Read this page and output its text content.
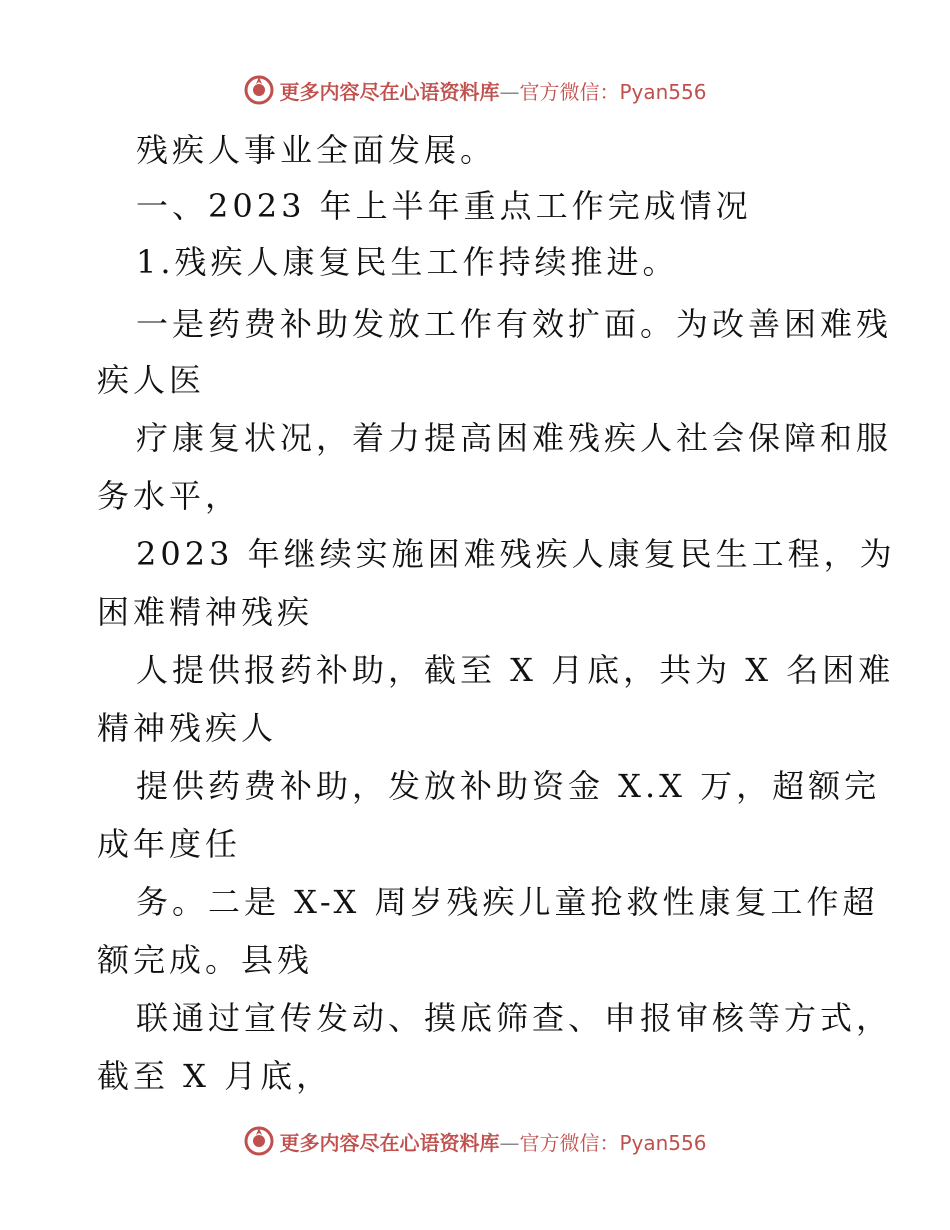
更多内容尽在心语资料库—官方微信：Pyan556
残疾人事业全面发展。
一、2023 年上半年重点工作完成情况
1.残疾人康复民生工作持续推进。
一是药费补助发放工作有效扩面。为改善困难残
疾人医
疗康复状况，着力提高困难残疾人社会保障和服
务水平，
2023 年继续实施困难残疾人康复民生工程，为
困难精神残疾
人提供报药补助，截至 X 月底，共为 X 名困难
精神残疾人
提供药费补助，发放补助资金 X.X 万，超额完
成年度任
务。二是 X-X 周岁残疾儿童抢救性康复工作超
额完成。县残
联通过宣传发动、摸底筛查、申报审核等方式，
截至 X 月底，
更多内容尽在心语资料库—官方微信：Pyan556
